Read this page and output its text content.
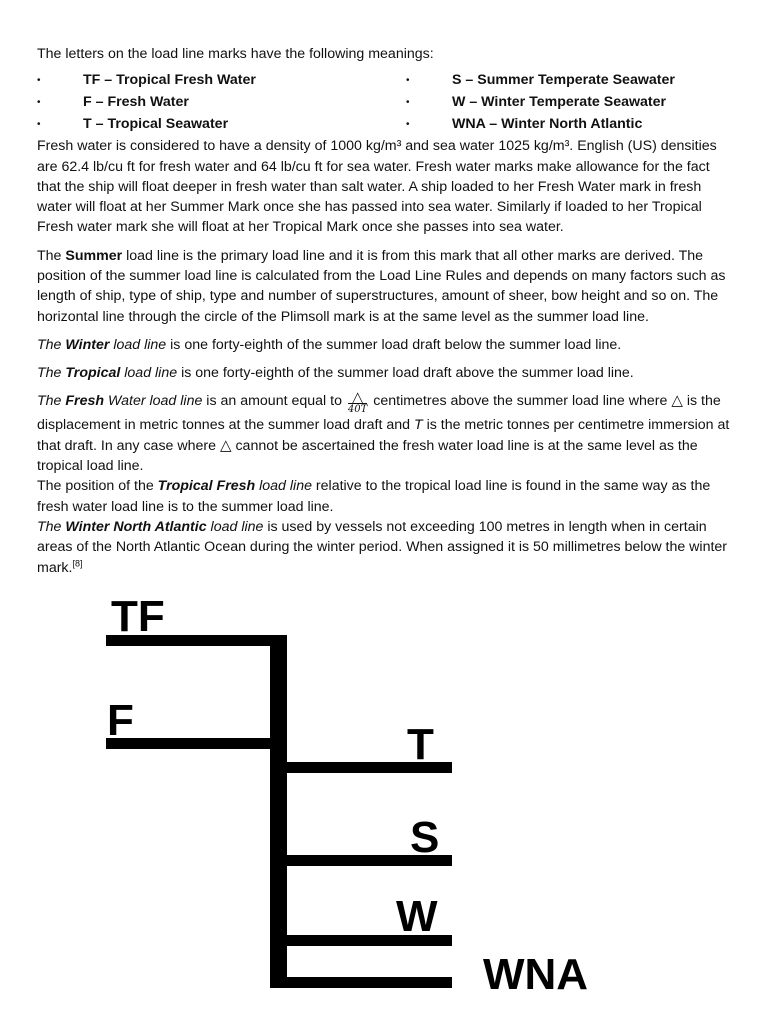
The letters on the load line marks have the following meanings:

•	TF – Tropical Fresh Water
•	F – Fresh Water
•	T – Tropical Seawater
•	S – Summer Temperate Seawater
•	W – Winter Temperate Seawater
•	WNA – Winter North Atlantic

Fresh water is considered to have a density of 1000 kg/m³ and sea water 1025 kg/m³. English (US) densities are 62.4 lb/cu ft for fresh water and 64 lb/cu ft for sea water. Fresh water marks make allowance for the fact that the ship will float deeper in fresh water than salt water. A ship loaded to her Fresh Water mark in fresh water will float at her Summer Mark once she has passed into sea water. Similarly if loaded to her Tropical Fresh water mark she will float at her Tropical Mark once she passes into sea water.

The Summer load line is the primary load line and it is from this mark that all other marks are derived. The position of the summer load line is calculated from the Load Line Rules and depends on many factors such as length of ship, type of ship, type and number of superstructures, amount of sheer, bow height and so on. The horizontal line through the circle of the Plimsoll mark is at the same level as the summer load line.

The Winter load line is one forty-eighth of the summer load draft below the summer load line.

The Tropical load line is one forty-eighth of the summer load draft above the summer load line.

The Fresh Water load line is an amount equal to $\frac{\triangle}{40T}$ centimetres above the summer load line where △ is the displacement in metric tonnes at the summer load draft and T is the metric tonnes per centimetre immersion at that draft. In any case where △ cannot be ascertained the fresh water load line is at the same level as the tropical load line.

The position of the Tropical Fresh load line relative to the tropical load line is found in the same way as the fresh water load line is to the summer load line.

The Winter North Atlantic load line is used by vessels not exceeding 100 metres in length when in certain areas of the North Atlantic Ocean during the winter period. When assigned it is 50 millimetres below the winter mark.[8]

TF
F	T
S
W
WNA
